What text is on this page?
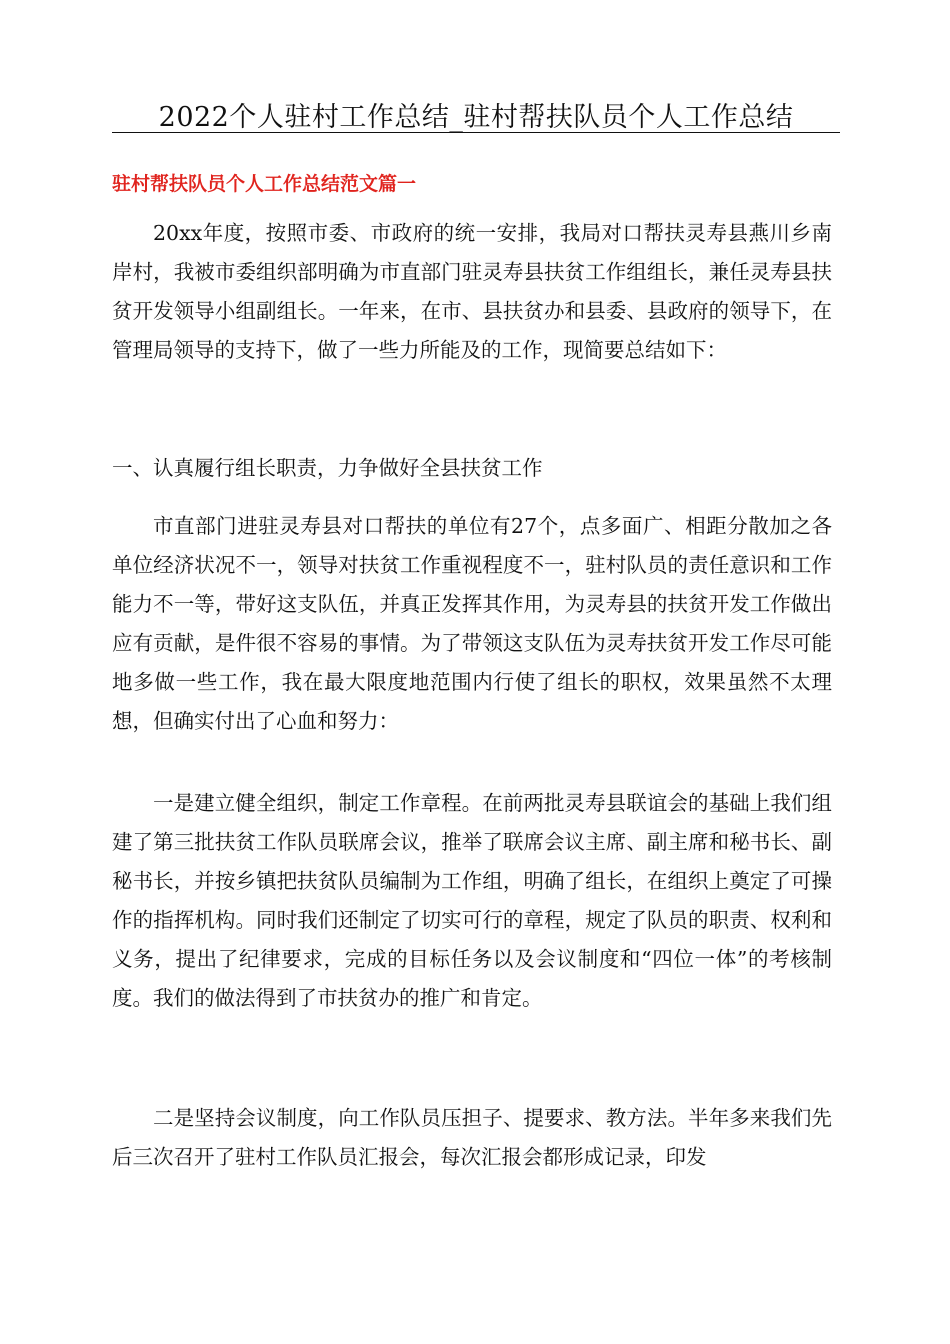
2022个人驻村工作总结_驻村帮扶队员个人工作总结
驻村帮扶队员个人工作总结范文篇一

20xx年度，按照市委、市政府的统一安排，我局对口帮扶灵寿县燕川乡南岸村，我被市委组织部明确为市直部门驻灵寿县扶贫工作组组长，兼任灵寿县扶贫开发领导小组副组长。一年来，在市、县扶贫办和县委、县政府的领导下，在管理局领导的支持下，做了一些力所能及的工作，现简要总结如下：

一、认真履行组长职责，力争做好全县扶贫工作

市直部门进驻灵寿县对口帮扶的单位有27个，点多面广、相距分散加之各单位经济状况不一，领导对扶贫工作重视程度不一，驻村队员的责任意识和工作能力不一等，带好这支队伍，并真正发挥其作用，为灵寿县的扶贫开发工作做出应有贡献，是件很不容易的事情。为了带领这支队伍为灵寿扶贫开发工作尽可能地多做一些工作，我在最大限度地范围内行使了组长的职权，效果虽然不太理想，但确实付出了心血和努力：

一是建立健全组织，制定工作章程。在前两批灵寿县联谊会的基础上我们组建了第三批扶贫工作队员联席会议，推举了联席会议主席、副主席和秘书长、副秘书长，并按乡镇把扶贫队员编制为工作组，明确了组长，在组织上奠定了可操作的指挥机构。同时我们还制定了切实可行的章程，规定了队员的职责、权利和义务，提出了纪律要求，完成的目标任务以及会议制度和“四位一体”的考核制度。我们的做法得到了市扶贫办的推广和肯定。

二是坚持会议制度，向工作队员压担子、提要求、教方法。半年多来我们先后三次召开了驻村工作队员汇报会，每次汇报会都形成记录，印发
